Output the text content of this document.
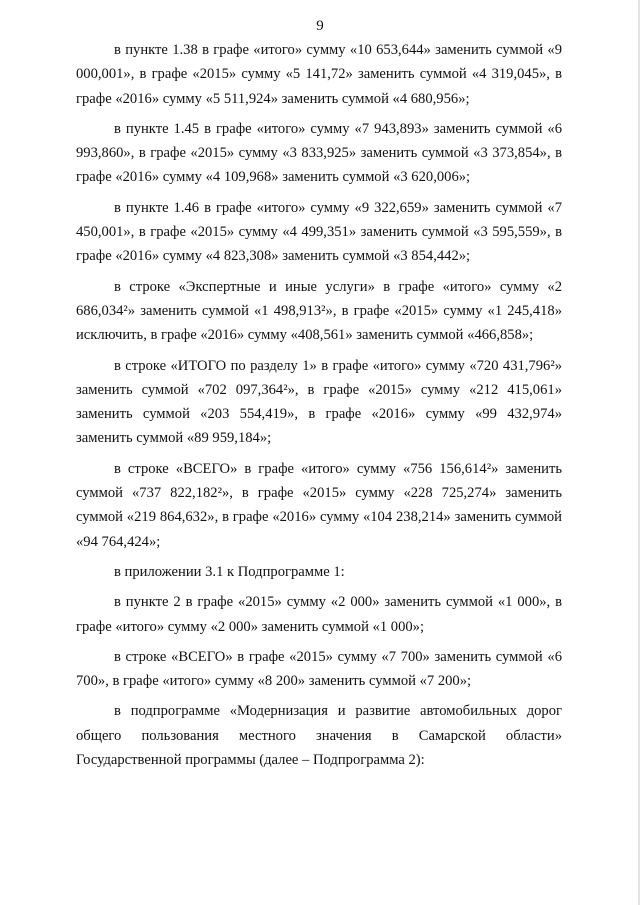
9

в пункте 1.38 в графе «итого» сумму «10 653,644» заменить суммой «9 000,001», в графе «2015» сумму «5 141,72» заменить суммой «4 319,045», в графе «2016» сумму «5 511,924» заменить суммой «4 680,956»;

в пункте 1.45 в графе «итого» сумму «7 943,893» заменить суммой «6 993,860», в графе «2015» сумму «3 833,925» заменить суммой «3 373,854», в графе «2016» сумму «4 109,968» заменить суммой «3 620,006»;

в пункте 1.46 в графе «итого» сумму «9 322,659» заменить суммой «7 450,001», в графе «2015» сумму «4 499,351» заменить суммой «3 595,559», в графе «2016» сумму «4 823,308» заменить суммой «3 854,442»;

в строке «Экспертные и иные услуги» в графе «итого» сумму «2 686,034²» заменить суммой «1 498,913²», в графе «2015» сумму «1 245,418» исключить, в графе «2016» сумму «408,561» заменить суммой «466,858»;

в строке «ИТОГО по разделу 1» в графе «итого» сумму «720 431,796²» заменить суммой «702 097,364²», в графе «2015» сумму «212 415,061» заменить суммой «203 554,419», в графе «2016» сумму «99 432,974» заменить суммой «89 959,184»;

в строке «ВСЕГО» в графе «итого» сумму «756 156,614²» заменить суммой «737 822,182²», в графе «2015» сумму «228 725,274» заменить суммой «219 864,632», в графе «2016» сумму «104 238,214» заменить суммой «94 764,424»;

в приложении 3.1 к Подпрограмме 1:

в пункте 2 в графе «2015» сумму «2 000» заменить суммой «1 000», в графе «итого» сумму «2 000» заменить суммой «1 000»;

в строке «ВСЕГО» в графе «2015» сумму «7 700» заменить суммой «6 700», в графе «итого» сумму «8 200» заменить суммой «7 200»;

в подпрограмме «Модернизация и развитие автомобильных дорог общего пользования местного значения в Самарской области» Государственной программы (далее – Подпрограмма 2):
